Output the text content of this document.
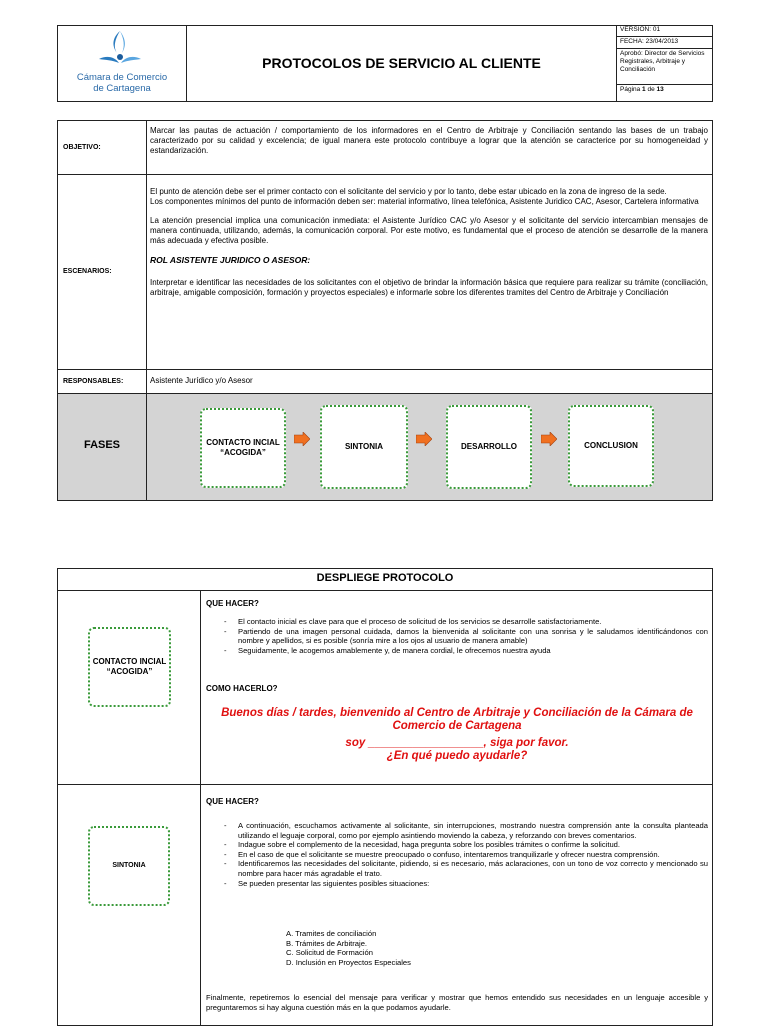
Cámara de Comercio
de Cartagena
PROTOCOLOS DE SERVICIO AL CLIENTE
VERSION: 01
FECHA: 23/04/2013
Aprobó: Director de Servicios Registrales, Arbitraje y Conciliación
Página 1 de 13
OBJETIVO:
Marcar las pautas de actuación / comportamiento de los informadores en el Centro de Arbitraje y Conciliación sentando las bases de un trabajo caracterizado por su calidad y excelencia; de igual manera este protocolo contribuye a lograr que la atención se caracterice por su homogeneidad y estandarización.
ESCENARIOS:

El punto de atención debe ser el primer contacto con el solicitante del servicio y por lo tanto, debe estar ubicado en la zona de ingreso de la sede.

Los componentes mínimos del punto de información deben ser: material informativo, línea telefónica, Asistente Juridico CAC, Asesor, Cartelera informativa

La atención presencial implica una comunicación inmediata: el Asistente Jurídico CAC y/o Asesor y el solicitante del servicio intercambian mensajes de manera continuada, utilizando, además, la comunicación corporal. Por este motivo, es fundamental que el proceso de atención se desarrolle de la manera más adecuada y efectiva posible.

ROL ASISTENTE JURIDICO O ASESOR:

Interpretar e identificar las necesidades de los solicitantes con el objetivo de brindar la información básica que requiere para realizar su trámite (conciliación, arbitraje, amigable composición, formación y proyectos especiales) e informarle sobre los diferentes tramites del Centro de Arbitraje y Conciliación

RESPONSABLES:	Asistente Jurídico y/o Asesor
FASES	CONTACTO INCIAL “ACOGIDA”
SINTONIA	DESARROLLO	CONCLUSION
DESPLIEGE PROTOCOLO
CONTACTO INCIAL “ACOGIDA”
QUE HACER?
- El contacto inicial es clave para que el proceso de solicitud de los servicios se desarrolle satisfactoriamente.
- Partiendo de una imagen personal cuidada, damos la bienvenida al solicitante con una sonrisa y le saludamos identificándonos con nombre y apellidos, si es posible (sonría mire a los ojos al usuario de manera amable)
- Seguidamente, le acogemos amablemente y, de manera cordial, le ofrecemos nuestra ayuda
COMO HACERLO?
Buenos días / tardes, bienvenido al Centro de Arbitraje y Conciliación de la Cámara de
Comercio de Cartagena
soy __________________, siga por favor.
¿En qué puedo ayudarle?
SINTONIA
QUE HACER?
- A continuación, escuchamos activamente al solicitante, sin interrupciones, mostrando nuestra comprensión ante la consulta planteada utilizando el leguaje corporal, como por ejemplo asintiendo moviendo la cabeza, y reforzando con breves comentarios.
- Indague sobre el complemento de la necesidad, haga pregunta sobre los posibles trámites o confirme la solicitud.
- En el caso de que el solicitante se muestre preocupado o confuso, intentaremos tranquilizarle y ofrecer nuestra comprensión.
- Identificaremos las necesidades del solicitante, pidiendo, si es necesario, más aclaraciones, con un tono de voz correcto y mencionado su nombre para hacer más agradable el trato.
- Se pueden presentar las siguientes posibles situaciones:
A. Tramites de conciliación
B. Trámites de Arbitraje.
C. Solicitud de Formación
D. Inclusión en Proyectos Especiales
Finalmente, repetiremos lo esencial del mensaje para verificar y mostrar que hemos entendido sus necesidades en un lenguaje accesible y preguntaremos si hay alguna cuestión más en la que podamos ayudarle.
